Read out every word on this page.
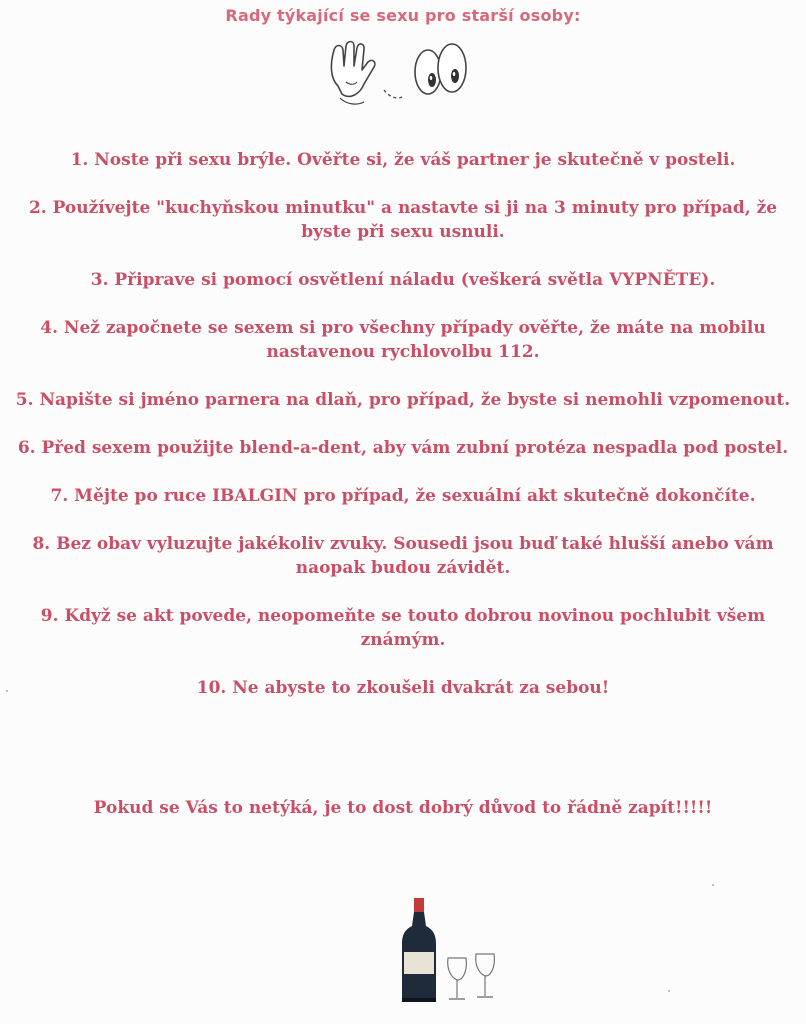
Rady týkající se sexu pro starší osoby:
1. Noste při sexu brýle. Ověřte si, že váš partner je skutečně v posteli.
2. Používejte "kuchyňskou minutku" a nastavte si ji na 3 minuty pro případ, že byste při sexu usnuli.
3. Připrave si pomocí osvětlení náladu (veškerá světla VYPNĚTE).
4. Než započnete se sexem si pro všechny případy ověřte, že máte na mobilu nastavenou rychlovolbu 112.
5. Napište si jméno parnera na dlaň, pro případ, že byste si nemohli vzpomenout.
6. Před sexem použijte blend-a-dent, aby vám zubní protéza nespadla pod postel.
7. Mějte po ruce IBALGIN pro případ, že sexuální akt skutečně dokončíte.
8. Bez obav vyluzujte jakékoliv zvuky. Sousedi jsou buď také hlušší anebo vám naopak budou závidět.
9. Když se akt povede, neopomeňte se touto dobrou novinou pochlubit všem známým.
10. Ne abyste to zkoušeli dvakrát za sebou!
Pokud se Vás to netýká, je to dost dobrý důvod to řádně zapít!!!!!
